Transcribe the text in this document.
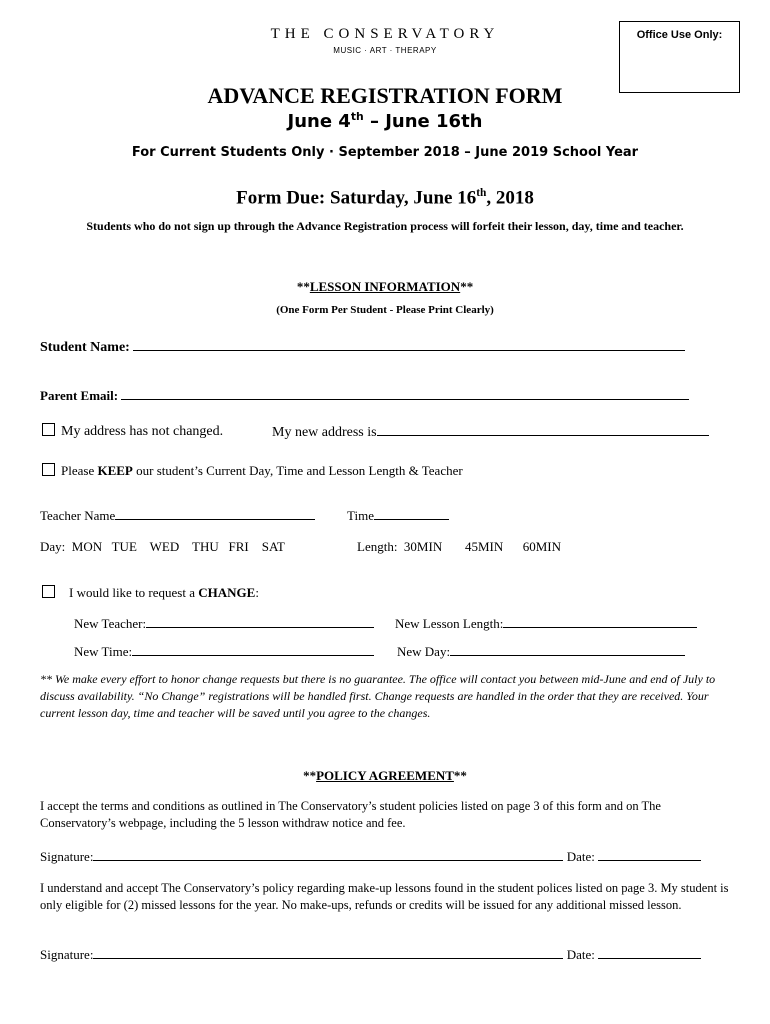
THE CONSERVATORY
MUSIC · ART · THERAPY
Office Use Only:
ADVANCE REGISTRATION FORM
June 4th – June 16th
For Current Students Only · September 2018 – June 2019 School Year
Form Due: Saturday, June 16th, 2018
Students who do not sign up through the Advance Registration process will forfeit their lesson, day, time and teacher.
**LESSON INFORMATION**
(One Form Per Student - Please Print Clearly)
Student Name:
Parent Email:
My address has not changed.	My new address is
Please KEEP our student’s Current Day, Time and Lesson Length & Teacher
Teacher Name	Time
Day:  MON   TUE    WED    THU   FRI    SAT	Length:  30MIN       45MIN      60MIN
I would like to request a CHANGE:
New Teacher:	New Lesson Length:
New Time:	New Day:
** We make every effort to honor change requests but there is no guarantee. The office will contact you between mid-June and end of July to discuss availability. “No Change” registrations will be handled first. Change requests are handled in the order that they are received. Your current lesson day, time and teacher will be saved until you agree to the changes.
**POLICY AGREEMENT**
I accept the terms and conditions as outlined in The Conservatory’s student policies listed on page 3 of this form and on The Conservatory’s webpage, including the 5 lesson withdraw notice and fee.
Signature:	Date:
I understand and accept The Conservatory’s policy regarding make-up lessons found in the student polices listed on page 3. My student is only eligible for (2) missed lessons for the year. No make-ups, refunds or credits will be issued for any additional missed lesson.
Signature:	Date:
